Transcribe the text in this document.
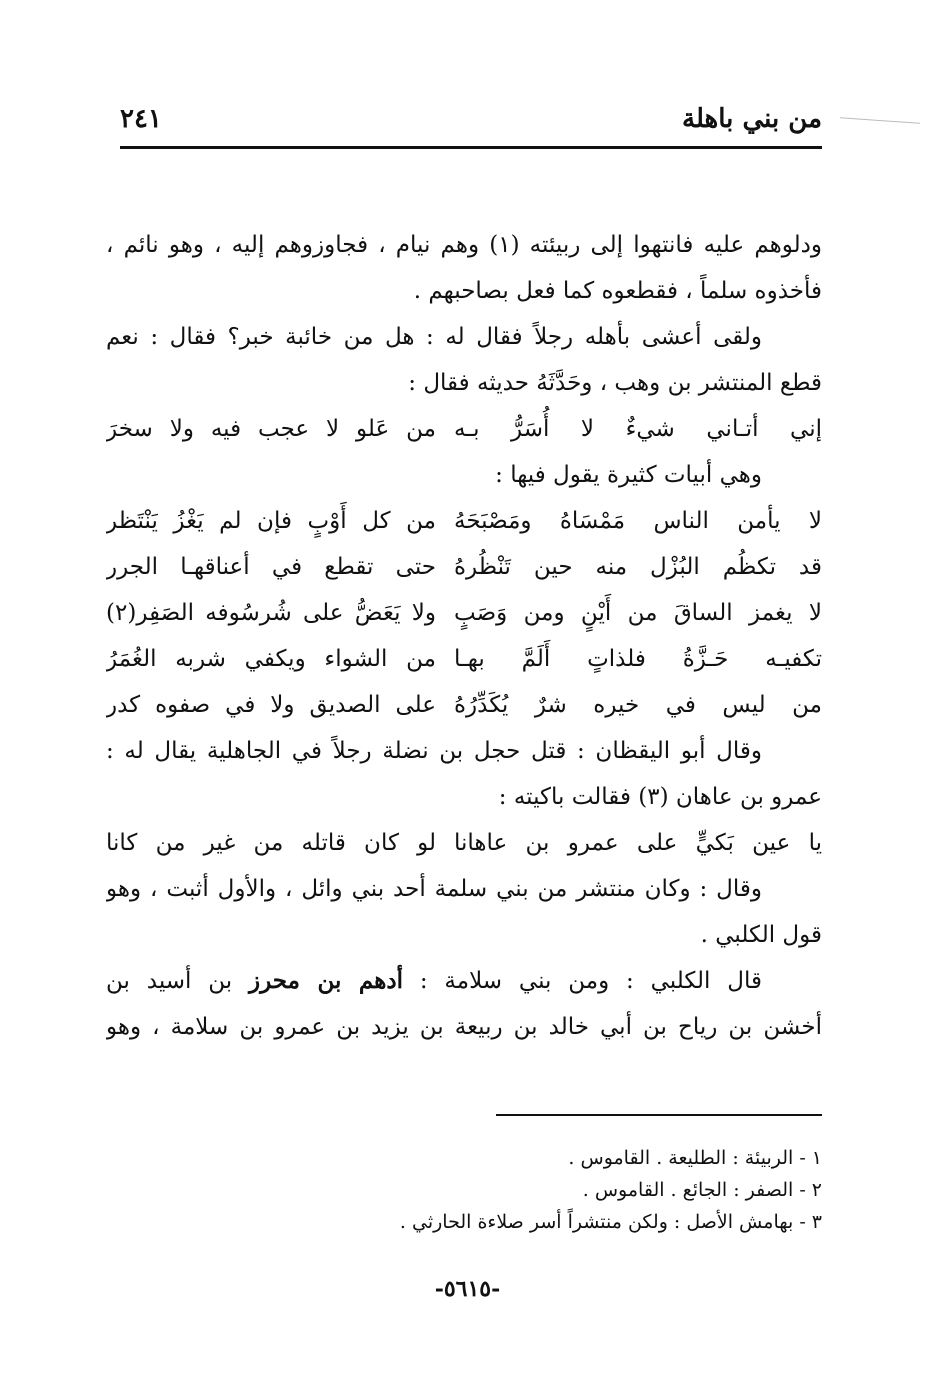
من بني باهلة
٢٤١
ودلوهم عليه فانتهوا إلى ربيئته (١) وهم نيام ، فجاوزوهم إليه ، وهو نائم ،
فأخذوه سلماً ، فقطعوه كما فعل بصاحبهم .
ولقى أعشى بأهله رجلاً فقال له : هل من خائبة خبر؟ فقال : نعم
قطع المنتشر بن وهب ، وحَدَّثَهُ حديثه فقال :
إني أتـاني شيءٌ لا أُسَرُّ بـه
من عَلو لا عجب فيه ولا سخرَ
وهي أبيات كثيرة يقول فيها :
لا يأمن الناس مَمْسَاهُ ومَصْبَحَهُ
من كل أَوْبٍ فإن لم يَغْزُ يَنْتَظر
قد تكظُم البُزْل منه حين تَنْظُرهُ
حتى تقطع في أعناقهـا الجرر
لا يغمز الساقَ من أَيْنٍ ومن وَصَبٍ
ولا يَعَضُّ على شُرسُوفه الصَفِر(٢)
تكفيـه حَـزَّةُ فلذاتٍ أَلَمَّ بهـا
من الشواء ويكفي شربه الغُمَرُ
من ليس في خيره شرٌ يُكَدِّرُهُ
على الصديق ولا في صفوه كدر
وقال أبو اليقظان : قتل حجل بن نضلة رجلاً في الجاهلية يقال له :
عمرو بن عاهان (٣) فقالت باكيته :
يا عين بَكيٍّ على عمرو بن عاهانا
لو كان قاتله من غير من كانا
وقال : وكان منتشر من بني سلمة أحد بني وائل ، والأول أثبت ، وهو
قول الكلبي .
قال الكلبي : ومن بني سلامة : أدهم بن محرز بن أسيد بن
أخشن بن رياح بن أبي خالد بن ربيعة بن يزيد بن عمرو بن سلامة ، وهو
١ - الربيئة : الطليعة . القاموس .
٢ - الصفر : الجائع . القاموس .
٣ - بهامش الأصل : ولكن منتشراً أسر صلاءة الحارثي .
-٥٦١٥-
